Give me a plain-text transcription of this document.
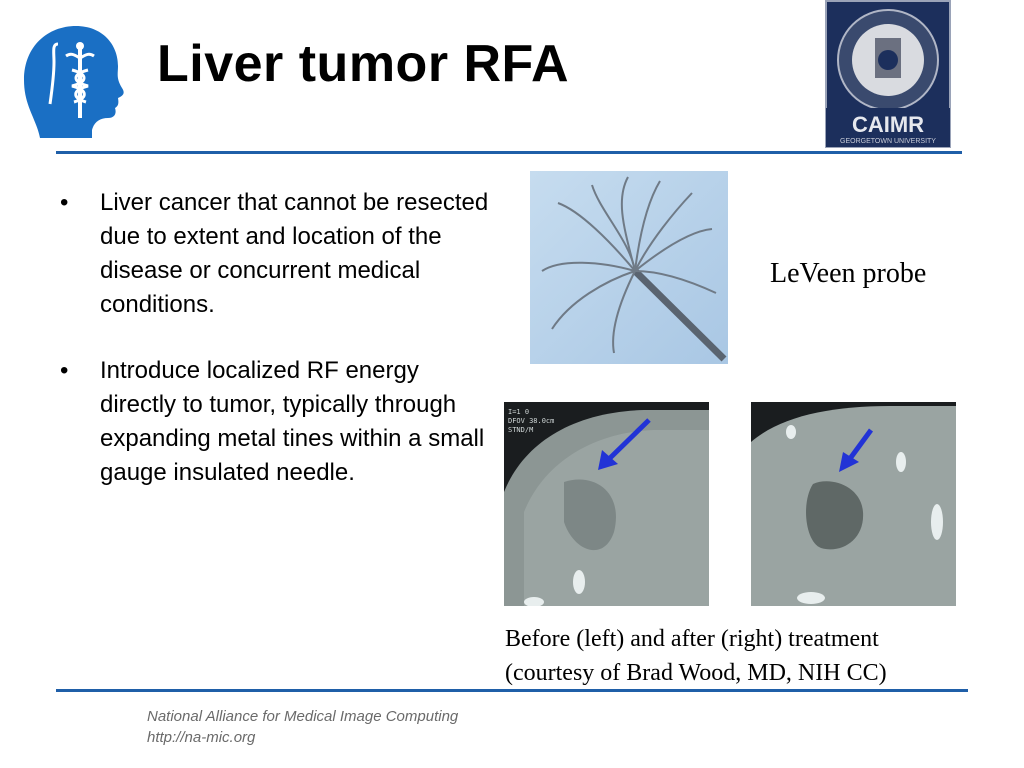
Liver tumor RFA
CAIMR
GEORGETOWN UNIVERSITY
•	Liver cancer that cannot be resected due to extent and location of the disease or concurrent medical conditions.
•	Introduce localized RF energy directly to tumor, typically through expanding metal tines within a small gauge insulated needle.
LeVeen probe
I=1 0
DFOV 38.0cm
STND/M
Before (left) and after (right) treatment
(courtesy of Brad Wood, MD, NIH CC)
National Alliance for Medical Image Computing
http://na-mic.org
